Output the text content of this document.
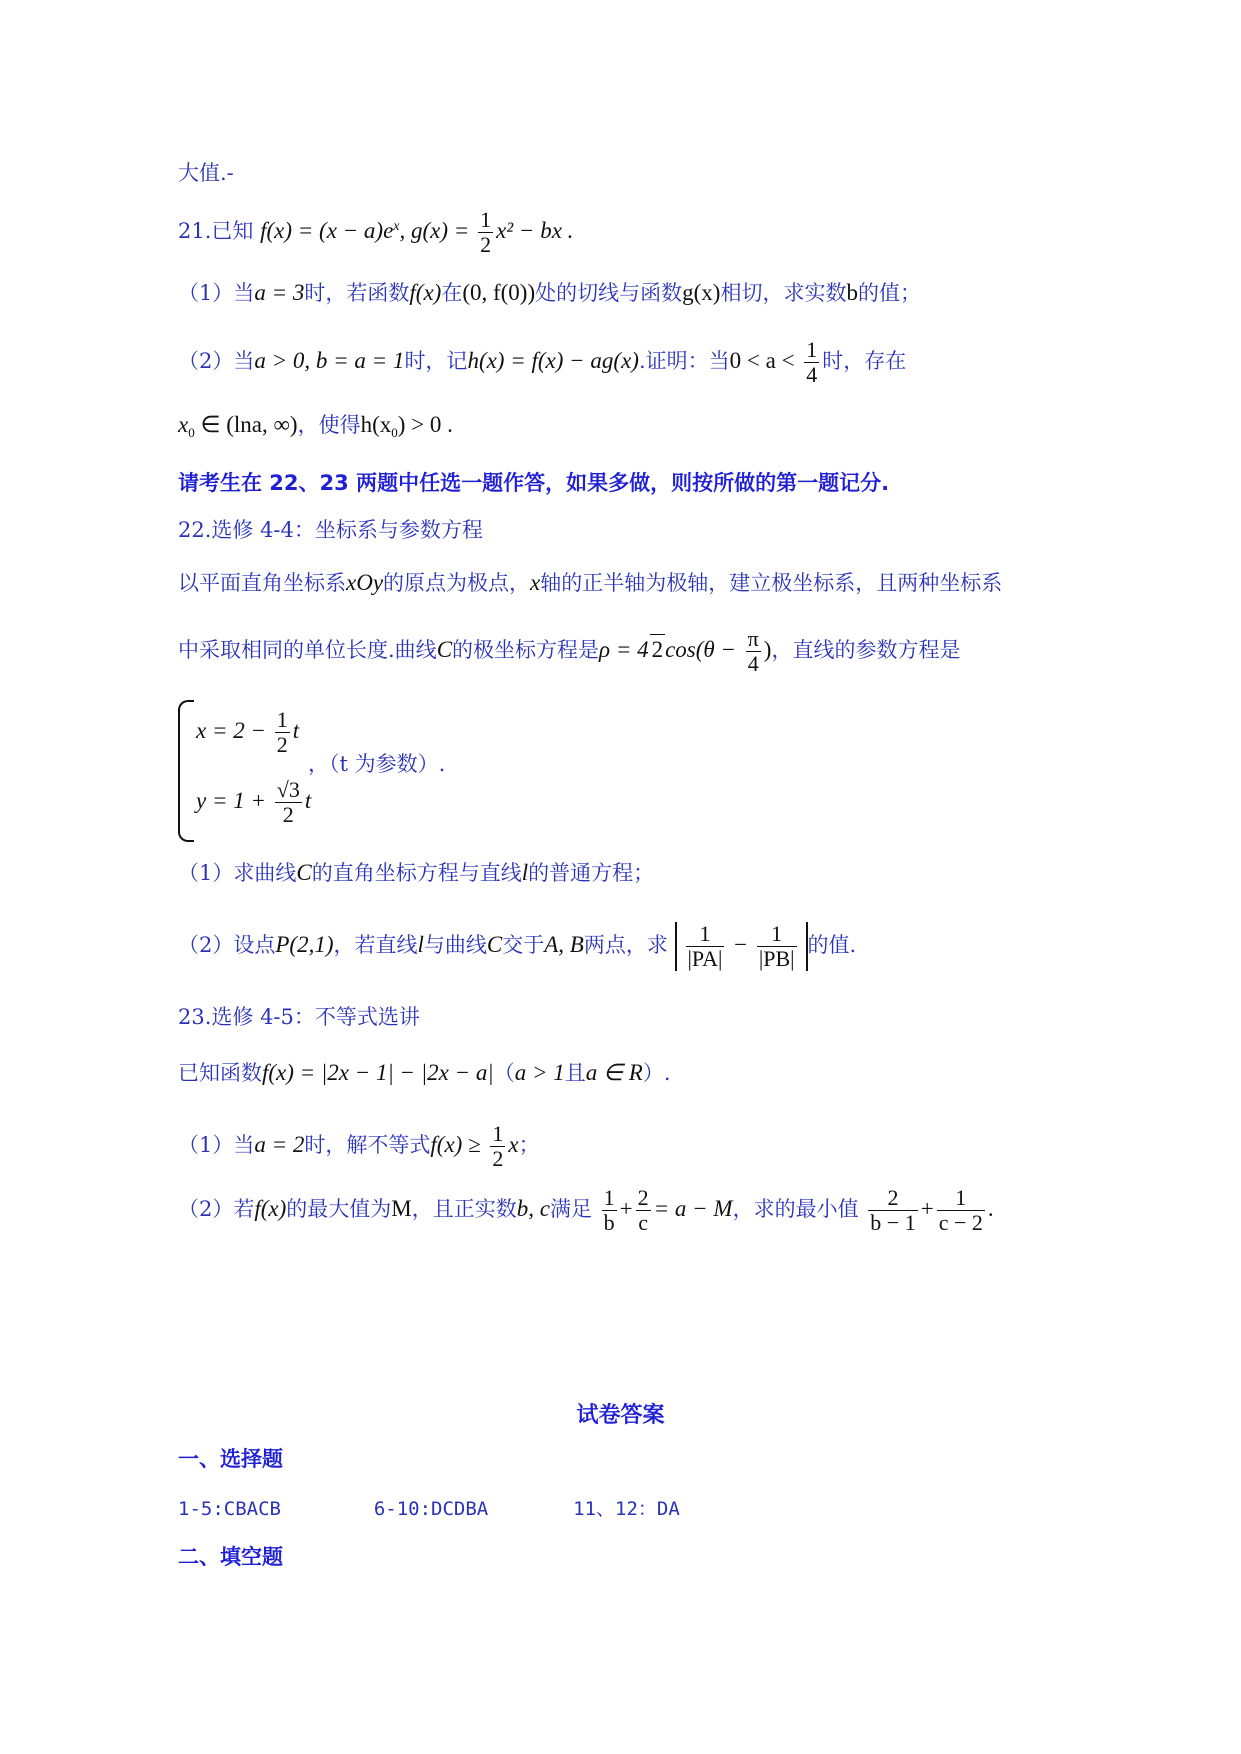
大值.-
21.已知 $f(x) = (x - a)e^x$, $g(x) = \frac{1}{2} x^2$ − bx .
（1）当a = 3时，若函数f(x)在(0, f(0))处的切线与函数g(x)相切，求实数b的值；
（2）当a > 0, b = a = 1时，记h(x) = f(x) − ag(x).证明：当$0 < a < \frac{1}{4}$ 时，存在
$x_0$ ∈ (lna, ∞)，使得$h(x_0) > 0$ .
请考生在 22、23 两题中任选一题作答，如果多做，则按所做的第一题记分.
22.选修 4-4：坐标系与参数方程
以平面直角坐标系xOy的原点为极点，x轴的正半轴为极轴，建立极坐标系，且两种坐标系
中采取相同的单位长度.曲线C的极坐标方程是ρ = 4 $2\cos(\theta - \frac{\pi}{4}$ )，直线的参数方程是
$x = 2 - \frac{1}{2}$ t
$y = 1 + \frac{√3}{2}$ t
，（t 为参数）.
（1）求曲线C的直角坐标方程与直线l的普通方程；
（2）设点P(2,1)，若直线l与曲线C交于A, B两点，求 $\frac{1}{|PA|} - \frac{1}{|PB|}$ 的值.
23.选修 4-5：不等式选讲
已知函数f(x) = |2x − 1| − |2x − a|（a > 1且a ∈ R）.
（1）当a = 2时，解不等式$f(x) \ge \frac{1}{2}$ x；
（2）若f(x)的最大值为M，且正实数b, c满足 $\frac{1}{b} + \frac{2}{c} = a - M$，求的最小值 $\frac{2}{b - 1} + \frac{1}{c - 2}$ .
试卷答案
一、选择题
1-5:CBACB	6-10:DCDBA	11、12：DA
二、填空题
